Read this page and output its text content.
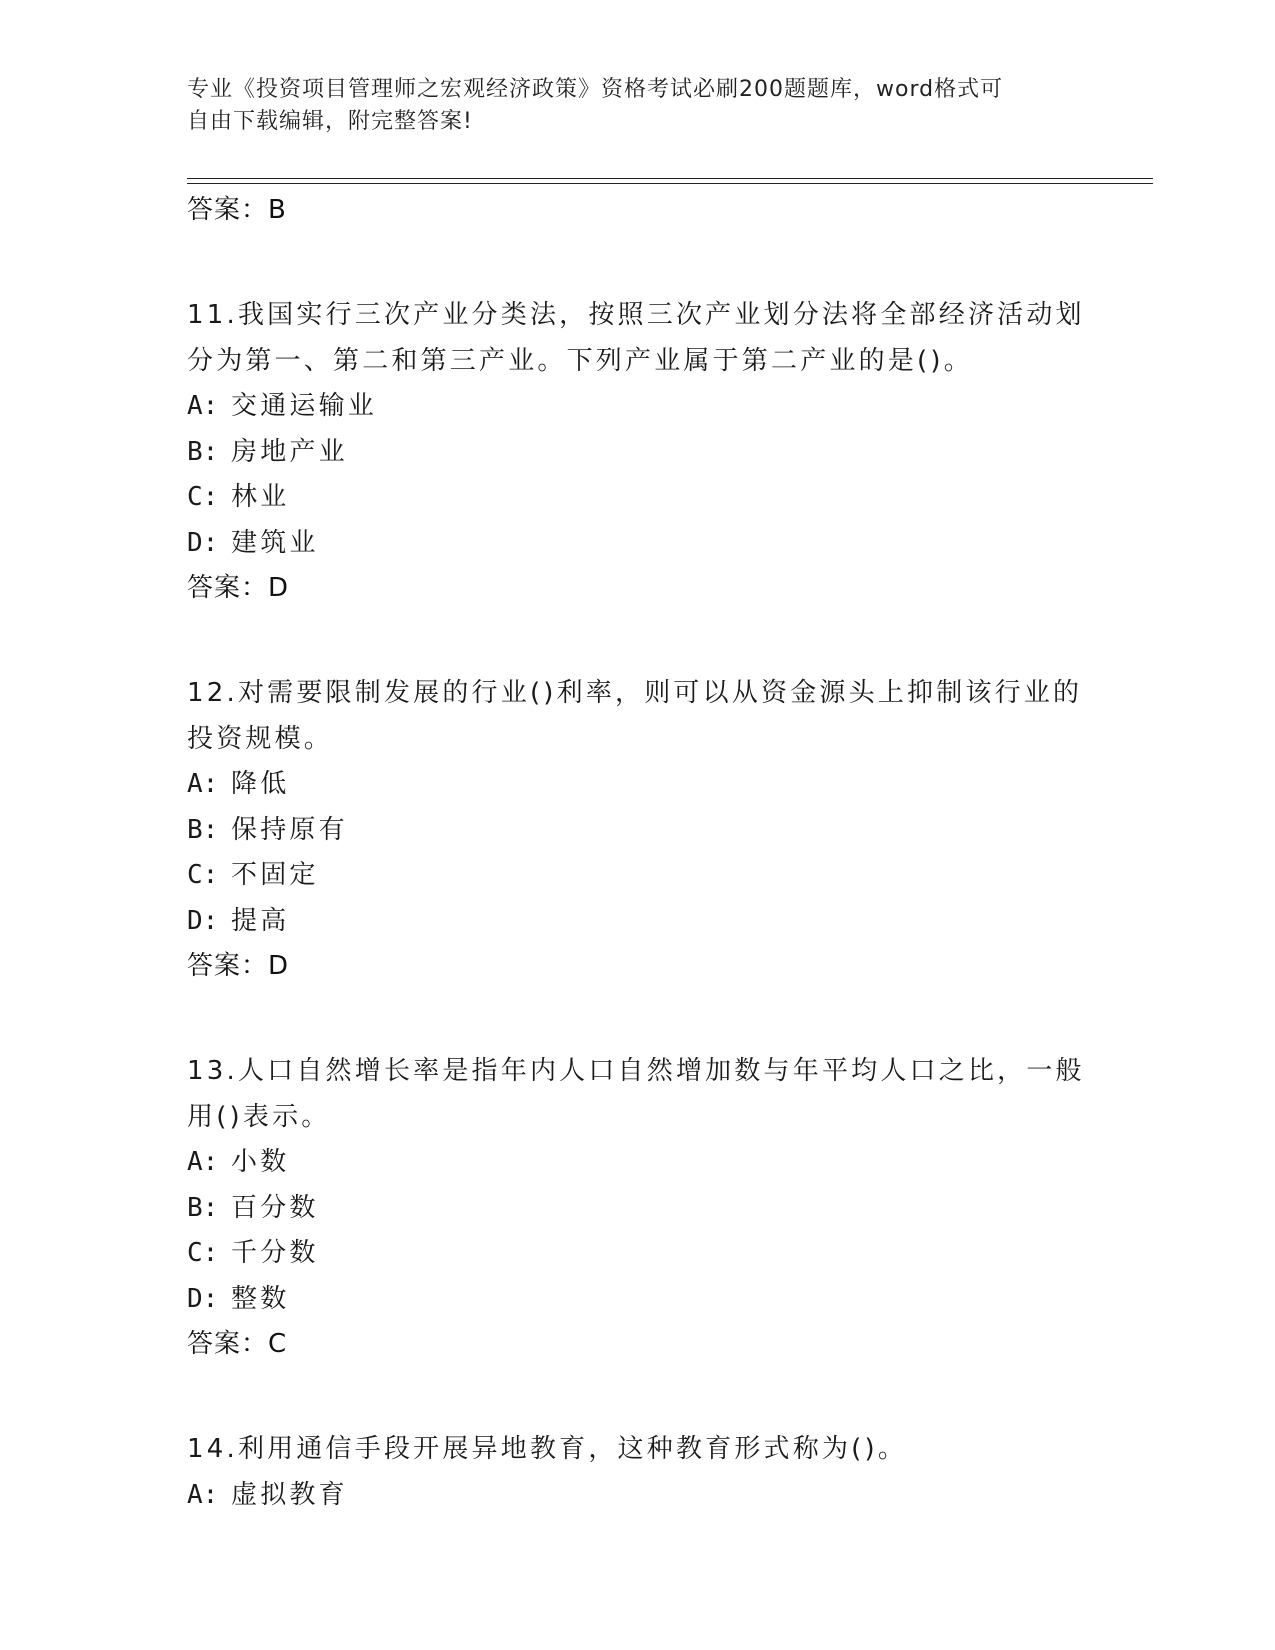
专业《投资项目管理师之宏观经济政策》资格考试必刷200题题库，word格式可
自由下载编辑，附完整答案!
答案：B

11.我国实行三次产业分类法，按照三次产业划分法将全部经济活动划分为第一、第二和第三产业。下列产业属于第二产业的是()。

A: 交通运输业
B: 房地产业
C: 林业
D: 建筑业
答案：D

12.对需要限制发展的行业()利率，则可以从资金源头上抑制该行业的投资规模。

A: 降低
B: 保持原有
C: 不固定
D: 提高
答案：D

13.人口自然增长率是指年内人口自然增加数与年平均人口之比，一般用()表示。

A: 小数
B: 百分数
C: 千分数
D: 整数
答案：C

14.利用通信手段开展异地教育，这种教育形式称为()。

A: 虚拟教育
